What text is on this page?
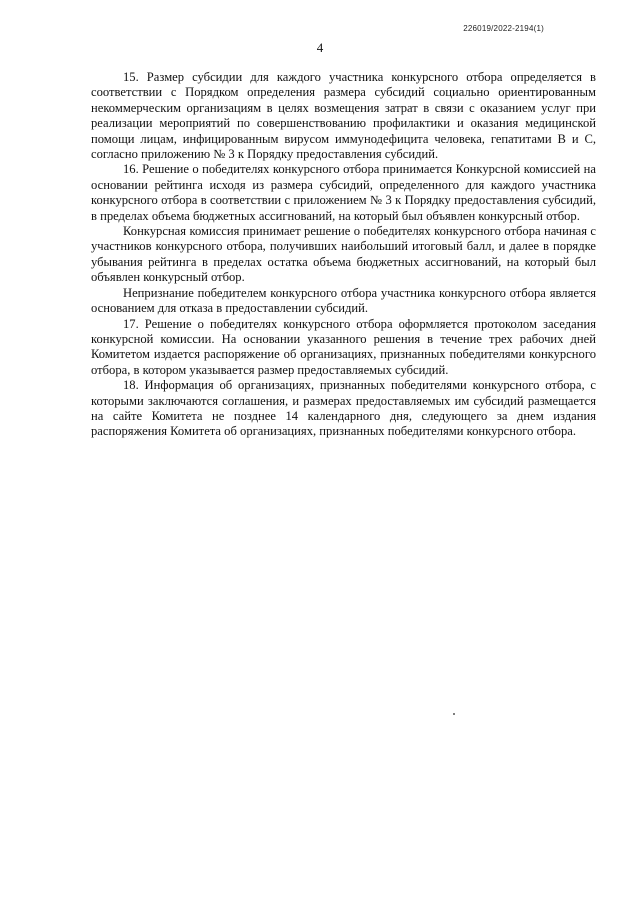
226019/2022-2194(1)
4

15. Размер субсидии для каждого участника конкурсного отбора определяется в соответствии с Порядком определения размера субсидий социально ориентированным некоммерческим организациям в целях возмещения затрат в связи с оказанием услуг при реализации мероприятий по совершенствованию профилактики и оказания медицинской помощи лицам, инфицированным вирусом иммунодефицита человека, гепатитами В и С, согласно приложению № 3 к Порядку предоставления субсидий.

16. Решение о победителях конкурсного отбора принимается Конкурсной комиссией на основании рейтинга исходя из размера субсидий, определенного для каждого участника конкурсного отбора в соответствии с приложением № 3 к Порядку предоставления субсидий, в пределах объема бюджетных ассигнований, на который был объявлен конкурсный отбор.

Конкурсная комиссия принимает решение о победителях конкурсного отбора начиная с участников конкурсного отбора, получивших наибольший итоговый балл, и далее в порядке убывания рейтинга в пределах остатка объема бюджетных ассигнований, на который был объявлен конкурсный отбор.

Непризнание победителем конкурсного отбора участника конкурсного отбора является основанием для отказа в предоставлении субсидий.

17. Решение о победителях конкурсного отбора оформляется протоколом заседания конкурсной комиссии. На основании указанного решения в течение трех рабочих дней Комитетом издается распоряжение об организациях, признанных победителями конкурсного отбора, в котором указывается размер предоставляемых субсидий.

18. Информация об организациях, признанных победителями конкурсного отбора, с которыми заключаются соглашения, и размерах предоставляемых им субсидий размещается на сайте Комитета не позднее 14 календарного дня, следующего за днем издания распоряжения Комитета об организациях, признанных победителями конкурсного отбора.
